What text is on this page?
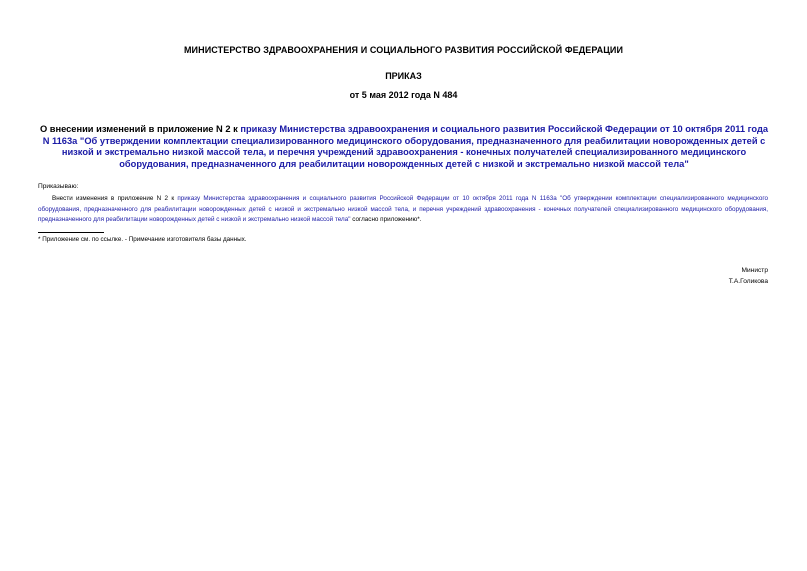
МИНИСТЕРСТВО ЗДРАВООХРАНЕНИЯ И СОЦИАЛЬНОГО РАЗВИТИЯ РОССИЙСКОЙ ФЕДЕРАЦИИ
ПРИКАЗ
от 5 мая 2012 года N 484
О внесении изменений в приложение N 2 к приказу Министерства здравоохранения и социального развития Российской Федерации от 10 октября 2011 года N 1163а "Об утверждении комплектации специализированного медицинского оборудования, предназначенного для реабилитации новорожденных детей с низкой и экстремально низкой массой тела, и перечня учреждений здравоохранения - конечных получателей специализированного медицинского оборудования, предназначенного для реабилитации новорожденных детей с низкой и экстремально низкой массой тела"
Приказываю:
Внести изменения в приложение N 2 к приказу Министерства здравоохранения и социального развития Российской Федерации от 10 октября 2011 года N 1163а "Об утверждении комплектации специализированного медицинского оборудования, предназначенного для реабилитации новорожденных детей с низкой и экстремально низкой массой тела, и перечня учреждений здравоохранения - конечных получателей специализированного медицинского оборудования, предназначенного для реабилитации новорожденных детей с низкой и экстремально низкой массой тела" согласно приложению*.
* Приложение см. по ссылке. - Примечание изготовителя базы данных.
Министр
Т.А.Голикова
